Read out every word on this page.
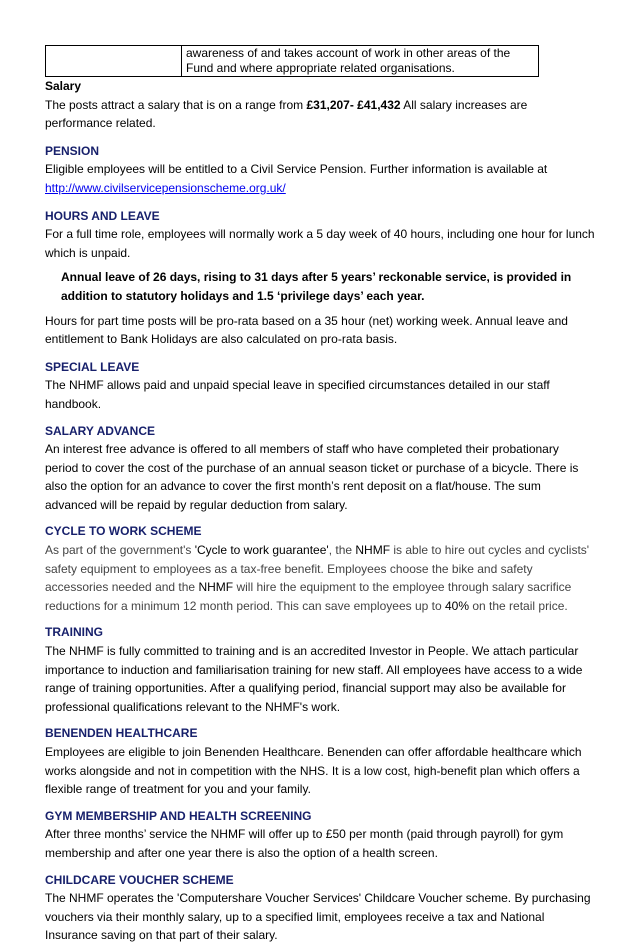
	awareness of and takes account of work in other areas of the Fund and where appropriate related organisations.
Salary
The posts attract a salary that is on a range from £31,207- £41,432 All salary increases are performance related.
PENSION
Eligible employees will be entitled to a Civil Service Pension. Further information is available at http://www.civilservicepensionscheme.org.uk/
HOURS AND LEAVE
For a full time role, employees will normally work a 5 day week of 40 hours, including one hour for lunch which is unpaid.
Annual leave of 26 days, rising to 31 days after 5 years’ reckonable service, is provided in addition to statutory holidays and 1.5 ‘privilege days’ each year.
Hours for part time posts will be pro-rata based on a 35 hour (net) working week. Annual leave and entitlement to Bank Holidays are also calculated on pro-rata basis.
SPECIAL LEAVE
The NHMF allows paid and unpaid special leave in specified circumstances detailed in our staff handbook.
SALARY ADVANCE
An interest free advance is offered to all members of staff who have completed their probationary period to cover the cost of the purchase of an annual season ticket or purchase of a bicycle. There is also the option for an advance to cover the first month’s rent deposit on a flat/house. The sum advanced will be repaid by regular deduction from salary.
CYCLE TO WORK SCHEME
As part of the government's 'Cycle to work guarantee', the NHMF is able to hire out cycles and cyclists' safety equipment to employees as a tax-free benefit. Employees choose the bike and safety accessories needed and the NHMF will hire the equipment to the employee through salary sacrifice reductions for a minimum 12 month period. This can save employees up to 40% on the retail price.
TRAINING
The NHMF is fully committed to training and is an accredited Investor in People. We attach particular importance to induction and familiarisation training for new staff. All employees have access to a wide range of training opportunities. After a qualifying period, financial support may also be available for professional qualifications relevant to the NHMF's work.
BENENDEN HEALTHCARE
Employees are eligible to join Benenden Healthcare. Benenden can offer affordable healthcare which works alongside and not in competition with the NHS. It is a low cost, high-benefit plan which offers a flexible range of treatment for you and your family.
GYM MEMBERSHIP AND HEALTH SCREENING
After three months’ service the NHMF will offer up to £50 per month (paid through payroll) for gym membership and after one year there is also the option of a health screen.
CHILDCARE VOUCHER SCHEME
The NHMF operates the 'Computershare Voucher Services' Childcare Voucher scheme. By purchasing vouchers via their monthly salary, up to a specified limit, employees receive a tax and National Insurance saving on that part of their salary.
